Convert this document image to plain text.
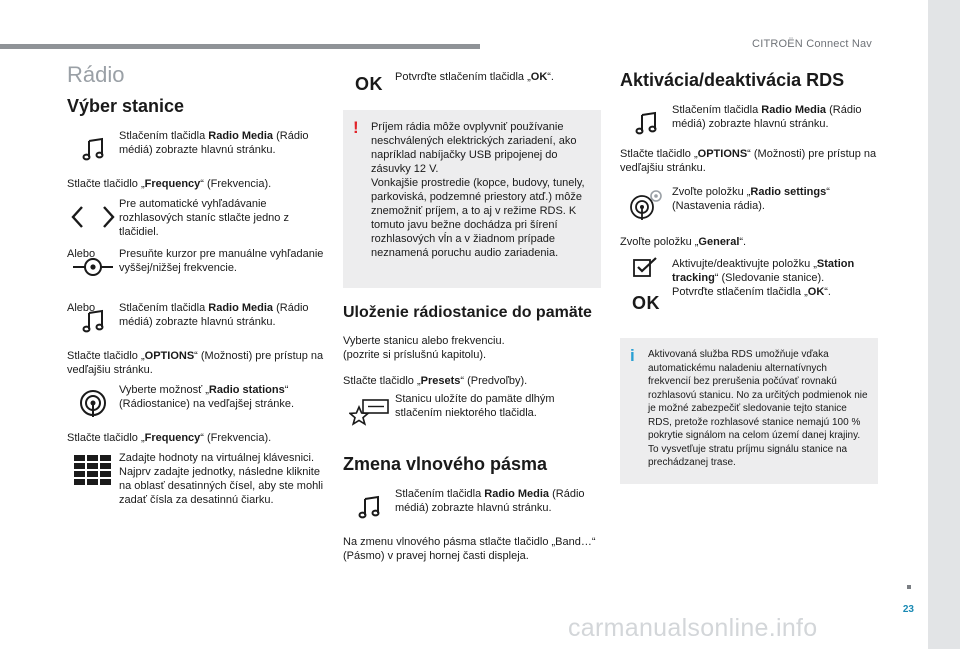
CITROËN Connect Nav
23
carmanualsonline.info
Rádio
Výber stanice
Stlačením tlačidla Radio Media (Rádio médiá) zobrazte hlavnú stránku.
Stlačte tlačidlo „Frequency“ (Frekvencia).
Pre automatické vyhľadávanie rozhlasových staníc stlačte jedno z tlačidiel.
Alebo	Presuňte kurzor pre manuálne vyhľadanie vyššej/nižšej frekvencie.
Alebo	Stlačením tlačidla Radio Media (Rádio médiá) zobrazte hlavnú stránku.
Stlačte tlačidlo „OPTIONS“ (Možnosti) pre prístup na vedľajšiu stránku.
Vyberte možnosť „Radio stations“ (Rádiostanice) na vedľajšej stránke.
Stlačte tlačidlo „Frequency“ (Frekvencia).
Zadajte hodnoty na virtuálnej klávesnici.
Najprv zadajte jednotky, následne kliknite na oblasť desatinných čísel, aby ste mohli zadať čísla za desatinnú čiarku.
OK Potvrďte stlačením tlačidla „OK“.
! Príjem rádia môže ovplyvniť používanie neschválených elektrických zariadení, ako napríklad nabíjačky USB pripojenej do zásuvky 12 V.
Vonkajšie prostredie (kopce, budovy, tunely, parkoviská, podzemné priestory atď.) môže znemožniť príjem, a to aj v režime RDS. K tomuto javu bežne dochádza pri šírení rozhlasových vĺn a v žiadnom prípade neznamená poruchu audio zariadenia.
Uloženie rádiostanice do pamäte
Vyberte stanicu alebo frekvenciu.
(pozrite si príslušnú kapitolu).
Stlačte tlačidlo „Presets“ (Predvoľby).
Stanicu uložíte do pamäte dlhým stlačením niektorého tlačidla.
Zmena vlnového pásma
Stlačením tlačidla Radio Media (Rádio médiá) zobrazte hlavnú stránku.
Na zmenu vlnového pásma stlačte tlačidlo „Band…“ (Pásmo) v pravej hornej časti displeja.
Aktivácia/deaktivácia RDS
Stlačením tlačidla Radio Media (Rádio médiá) zobrazte hlavnú stránku.
Stlačte tlačidlo „OPTIONS“ (Možnosti) pre prístup na vedľajšiu stránku.
Zvoľte položku „Radio settings“ (Nastavenia rádia).
Zvoľte položku „General“.
OK
Aktivujte/deaktivujte položku „Station tracking“ (Sledovanie stanice).
Potvrďte stlačením tlačidla „OK“.
i Aktivovaná služba RDS umožňuje vďaka automatickému naladeniu alternatívnych frekvencií bez prerušenia počúvať rovnakú rozhlasovú stanicu. No za určitých podmienok nie je možné zabezpečiť sledovanie tejto stanice RDS, pretože rozhlasové stanice nemajú 100 % pokrytie signálom na celom území danej krajiny. To vysvetľuje stratu príjmu signálu stanice na prechádzanej trase.
